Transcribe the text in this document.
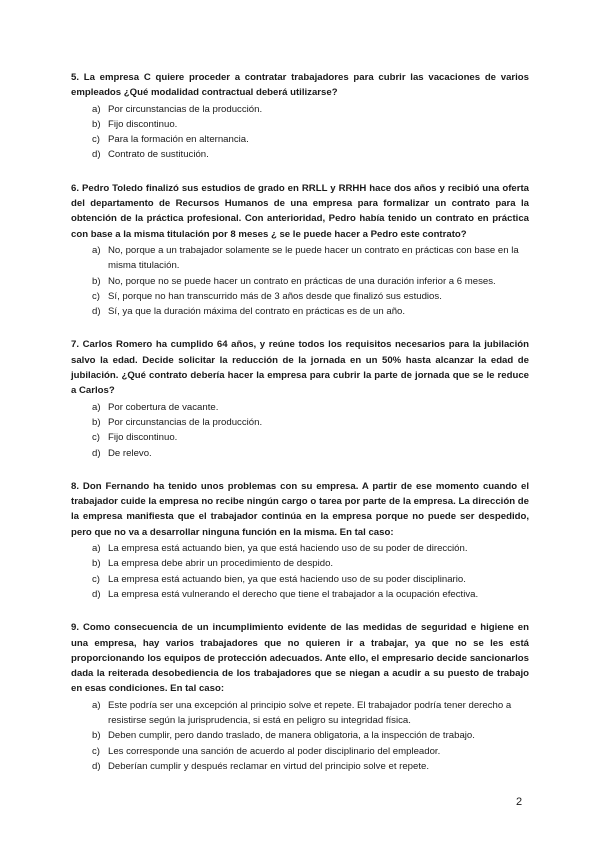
5. La empresa C quiere proceder a contratar trabajadores para cubrir las vacaciones de varios empleados ¿Qué modalidad contractual deberá utilizarse?

a) Por circunstancias de la producción.
b) Fijo discontinuo.
c) Para la formación en alternancia.
d) Contrato de sustitución.

6. Pedro Toledo finalizó sus estudios de grado en RRLL y RRHH hace dos años y recibió una oferta del departamento de Recursos Humanos de una empresa para formalizar un contrato para la obtención de la práctica profesional. Con anterioridad, Pedro había tenido un contrato en práctica con base a la misma titulación por 8 meses ¿ se le puede hacer a Pedro este contrato?

a) No, porque a un trabajador solamente se le puede hacer un contrato en prácticas con base en la misma titulación.
b) No, porque no se puede hacer un contrato en prácticas de una duración inferior a 6 meses.
c) Sí, porque no han transcurrido más de 3 años desde que finalizó sus estudios.
d) Sí, ya que la duración máxima del contrato en prácticas es de un año.

7. Carlos Romero ha cumplido 64 años, y reúne todos los requisitos necesarios para la jubilación salvo la edad. Decide solicitar la reducción de la jornada en un 50% hasta alcanzar la edad de jubilación. ¿Qué contrato debería hacer la empresa para cubrir la parte de jornada que se le reduce a Carlos?

a) Por cobertura de vacante.
b) Por circunstancias de la producción.
c) Fijo discontinuo.
d) De relevo.

8. Don Fernando ha tenido unos problemas con su empresa. A partir de ese momento cuando el trabajador cuide la empresa no recibe ningún cargo o tarea por parte de la empresa. La dirección de la empresa manifiesta que el trabajador continúa en la empresa porque no puede ser despedido, pero que no va a desarrollar ninguna función en la misma. En tal caso:

a) La empresa está actuando bien, ya que está haciendo uso de su poder de dirección.
b) La empresa debe abrir un procedimiento de despido.
c) La empresa está actuando bien, ya que está haciendo uso de su poder disciplinario.
d) La empresa está vulnerando el derecho que tiene el trabajador a la ocupación efectiva.

9. Como consecuencia de un incumplimiento evidente de las medidas de seguridad e higiene en una empresa, hay varios trabajadores que no quieren ir a trabajar, ya que no se les está proporcionando los equipos de protección adecuados. Ante ello, el empresario decide sancionarlos dada la reiterada desobediencia de los trabajadores que se niegan a acudir a su puesto de trabajo en esas condiciones. En tal caso:

a) Este podría ser una excepción al principio solve et repete. El trabajador podría tener derecho a resistirse según la jurisprudencia, si está en peligro su integridad física.
b) Deben cumplir, pero dando traslado, de manera obligatoria, a la inspección de trabajo.
c) Les corresponde una sanción de acuerdo al poder disciplinario del empleador.
d) Deberían cumplir y después reclamar en virtud del principio solve et repete.
2
